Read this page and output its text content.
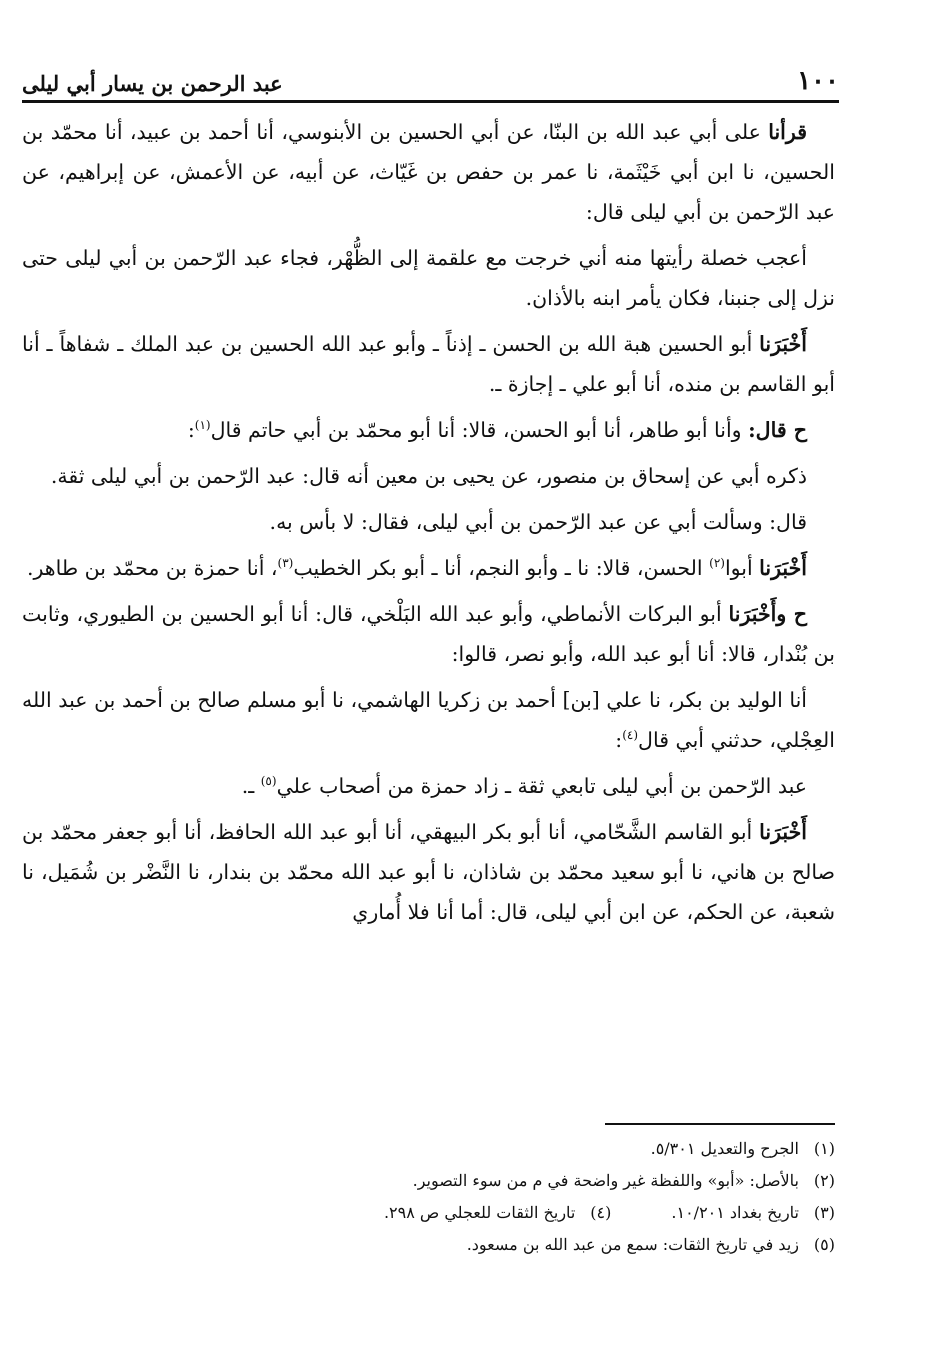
١٠٠
عبد الرحمن بن يسار أبي ليلى

قرأنا على أبي عبد الله بن البنّا، عن أبي الحسين بن الأبنوسي، أنا أحمد بن عبيد، أنا محمّد بن الحسين، نا ابن أبي خَيْثَمة، نا عمر بن حفص بن غَيّاث، عن أبيه، عن الأعمش، عن إبراهيم، عن عبد الرّحمن بن أبي ليلى قال:

أعجب خصلة رأيتها منه أني خرجت مع علقمة إلى الظُّهْر، فجاء عبد الرّحمن بن أبي ليلى حتى نزل إلى جنبنا، فكان يأمر ابنه بالأذان.

أَخْبَرَنا أبو الحسين هبة الله بن الحسن ـ إذناً ـ وأبو عبد الله الحسين بن عبد الملك ـ شفاهاً ـ أنا أبو القاسم بن منده، أنا أبو علي ـ إجازة ـ.

ح قال: وأنا أبو طاهر، أنا أبو الحسن، قالا: أنا أبو محمّد بن أبي حاتم قال$^{(١)}$:

ذكره أبي عن إسحاق بن منصور، عن يحيى بن معين أنه قال: عبد الرّحمن بن أبي ليلى ثقة.

قال: وسألت أبي عن عبد الرّحمن بن أبي ليلى، فقال: لا بأس به.

أَخْبَرَنا أبوا$^{(٢)}$ الحسن، قالا: نا ـ وأبو النجم، أنا ـ أبو بكر الخطيب$^{(٣)}$، أنا حمزة بن محمّد بن طاهر.

ح وأَخْبَرَنا أبو البركات الأنماطي، وأبو عبد الله البَلْخي، قال: أنا أبو الحسين بن الطيوري، وثابت بن بُنْدار، قالا: أنا أبو عبد الله، وأبو نصر، قالوا:

أنا الوليد بن بكر، نا علي [بن] أحمد بن زكريا الهاشمي، نا أبو مسلم صالح بن أحمد بن عبد الله العِجْلي، حدثني أبي قال$^{(٤)}$:

عبد الرّحمن بن أبي ليلى تابعي ثقة ـ زاد حمزة من أصحاب علي$^{(٥)}$ ـ.

أَخْبَرَنا أبو القاسم الشَّحّامي، أنا أبو بكر البيهقي، أنا أبو عبد الله الحافظ، أنا أبو جعفر محمّد بن صالح بن هاني، نا أبو سعيد محمّد بن شاذان، نا أبو عبد الله محمّد بن بندار، نا النَّضْر بن شُمَيل، نا شعبة، عن الحكم، عن ابن أبي ليلى، قال: أما أنا فلا أُماري

(١)الجرح والتعديل ٥/٣٠١.
(٢)بالأصل: «أبو» واللفظة غير واضحة في م من سوء التصوير.
(٣)تاريخ بغداد ١٠/٢٠١.
(٤)تاريخ الثقات للعجلي ص ٢٩٨.
(٥)زيد في تاريخ الثقات: سمع من عبد الله بن مسعود.
